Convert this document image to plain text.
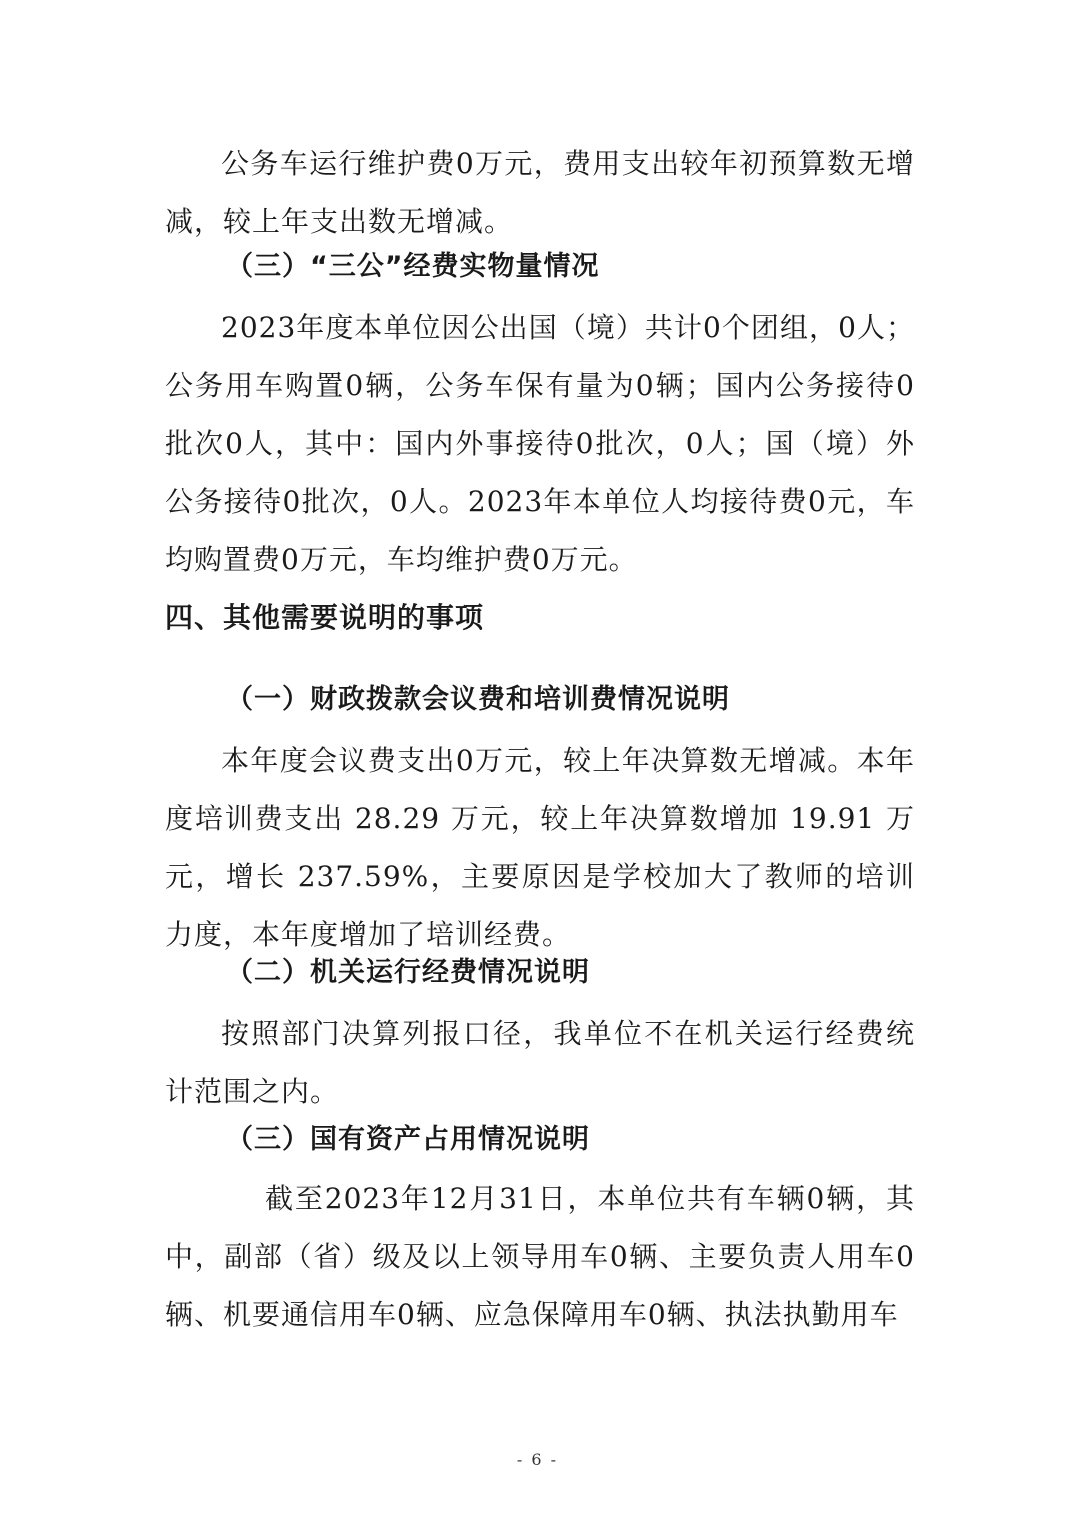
公务车运行维护费0万元，费用支出较年初预算数无增减，较上年支出数无增减。

（三）“三公”经费实物量情况

2023年度本单位因公出国（境）共计0个团组，0人；公务用车购置0辆，公务车保有量为0辆；国内公务接待0批次0人，其中：国内外事接待0批次，0人；国（境）外公务接待0批次，0人。2023年本单位人均接待费0元，车均购置费0万元，车均维护费0万元。

四、其他需要说明的事项
（一）财政拨款会议费和培训费情况说明

本年度会议费支出0万元，较上年决算数无增减。本年度培训费支出 28.29 万元，较上年决算数增加 19.91 万元，增长 237.59%，主要原因是学校加大了教师的培训力度，本年度增加了培训经费。

（二）机关运行经费情况说明

按照部门决算列报口径，我单位不在机关运行经费统计范围之内。

（三）国有资产占用情况说明

截至2023年12月31日，本单位共有车辆0辆，其中，副部（省）级及以上领导用车0辆、主要负责人用车0辆、机要通信用车0辆、应急保障用车0辆、执法执勤用车

- 6 -
